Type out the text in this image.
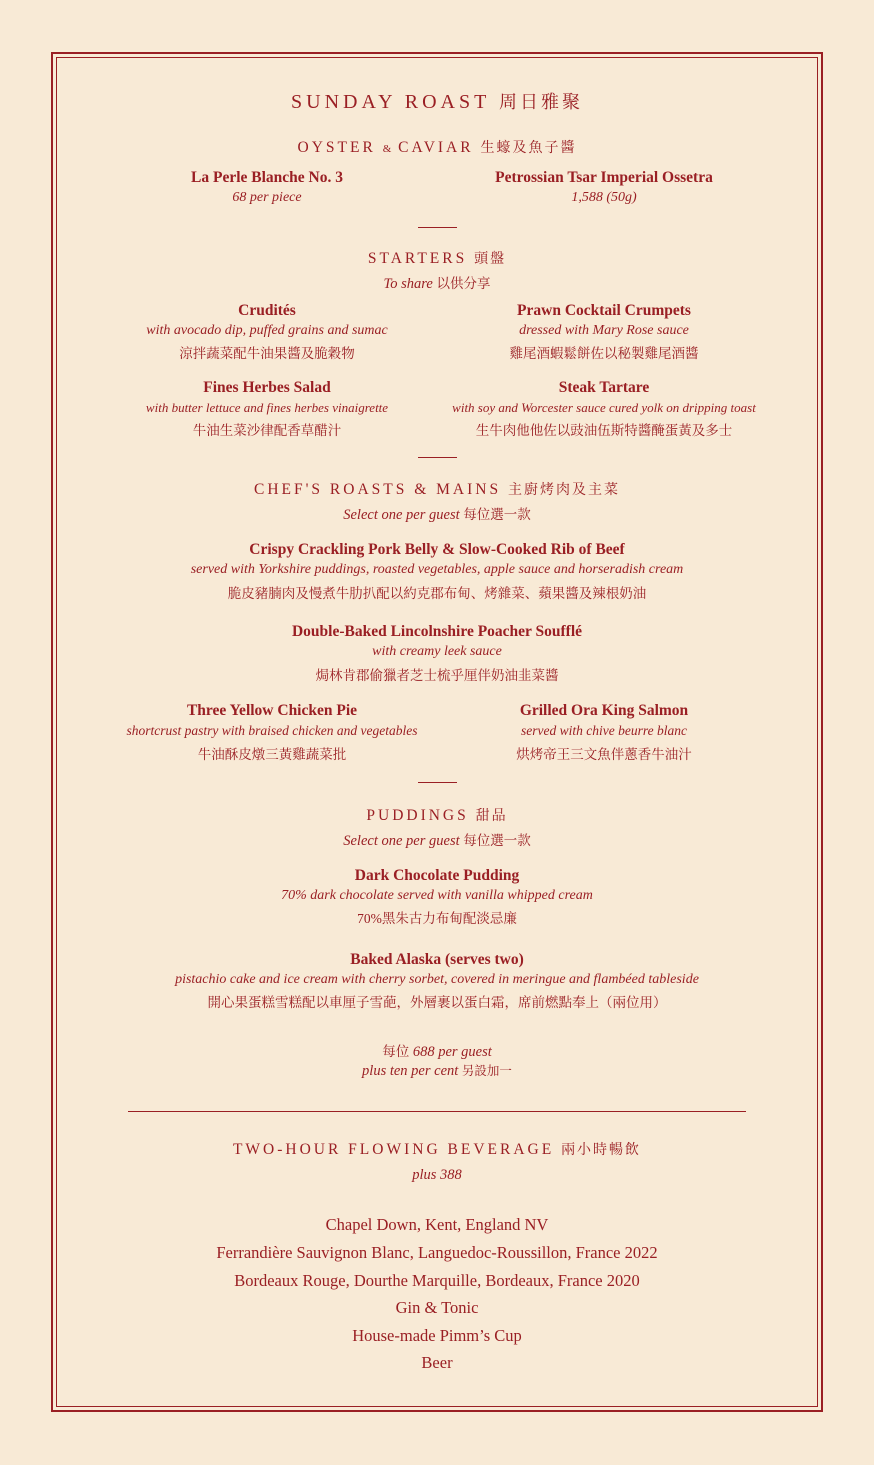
SUNDAY ROAST 周日雅聚
OYSTER & CAVIAR 生蠔及魚子醬
La Perle Blanche No. 3
68 per piece
Petrossian Tsar Imperial Ossetra
1,588 (50g)
STARTERS 頭盤
To share 以供分享
Crudités
with avocado dip, puffed grains and sumac
涼拌蔬菜配牛油果醬及脆穀物
Prawn Cocktail Crumpets
dressed with Mary Rose sauce
雞尾酒蝦鬆餅佐以秘製雞尾酒醬
Fines Herbes Salad
with butter lettuce and fines herbes vinaigrette
牛油生菜沙律配香草醋汁
Steak Tartare
with soy and Worcester sauce cured yolk on dripping toast
生牛肉他他佐以豉油伍斯特醬醃蛋黃及多士
CHEF'S ROASTS & MAINS 主廚烤肉及主菜
Select one per guest 每位選一款
Crispy Crackling Pork Belly & Slow-Cooked Rib of Beef
served with Yorkshire puddings, roasted vegetables, apple sauce and horseradish cream
脆皮豬腩肉及慢煮牛肋扒配以約克郡布甸、烤雜菜、蘋果醬及辣根奶油
Double-Baked Lincolnshire Poacher Soufflé
with creamy leek sauce
焗林肯郡偷獵者芝士梳乎厘伴奶油韭菜醬
Three Yellow Chicken Pie
shortcrust pastry with braised chicken and vegetables
牛油酥皮燉三黃雞蔬菜批
Grilled Ora King Salmon
served with chive beurre blanc
烘烤帝王三文魚伴蔥香牛油汁
PUDDINGS 甜品
Select one per guest 每位選一款
Dark Chocolate Pudding
70% dark chocolate served with vanilla whipped cream
70%黑朱古力布甸配淡忌廉
Baked Alaska (serves two)
pistachio cake and ice cream with cherry sorbet, covered in meringue and flambéed tableside
開心果蛋糕雪糕配以車厘子雪葩，外層裹以蛋白霜，席前燃點奉上（兩位用）
每位 688 per guest
plus ten per cent 另設加一
TWO-HOUR FLOWING BEVERAGE 兩小時暢飲
plus 388
Chapel Down, Kent, England NV
Ferrandière Sauvignon Blanc, Languedoc-Roussillon, France 2022
Bordeaux Rouge, Dourthe Marquille, Bordeaux, France 2020
Gin & Tonic
House-made Pimm’s Cup
Beer
